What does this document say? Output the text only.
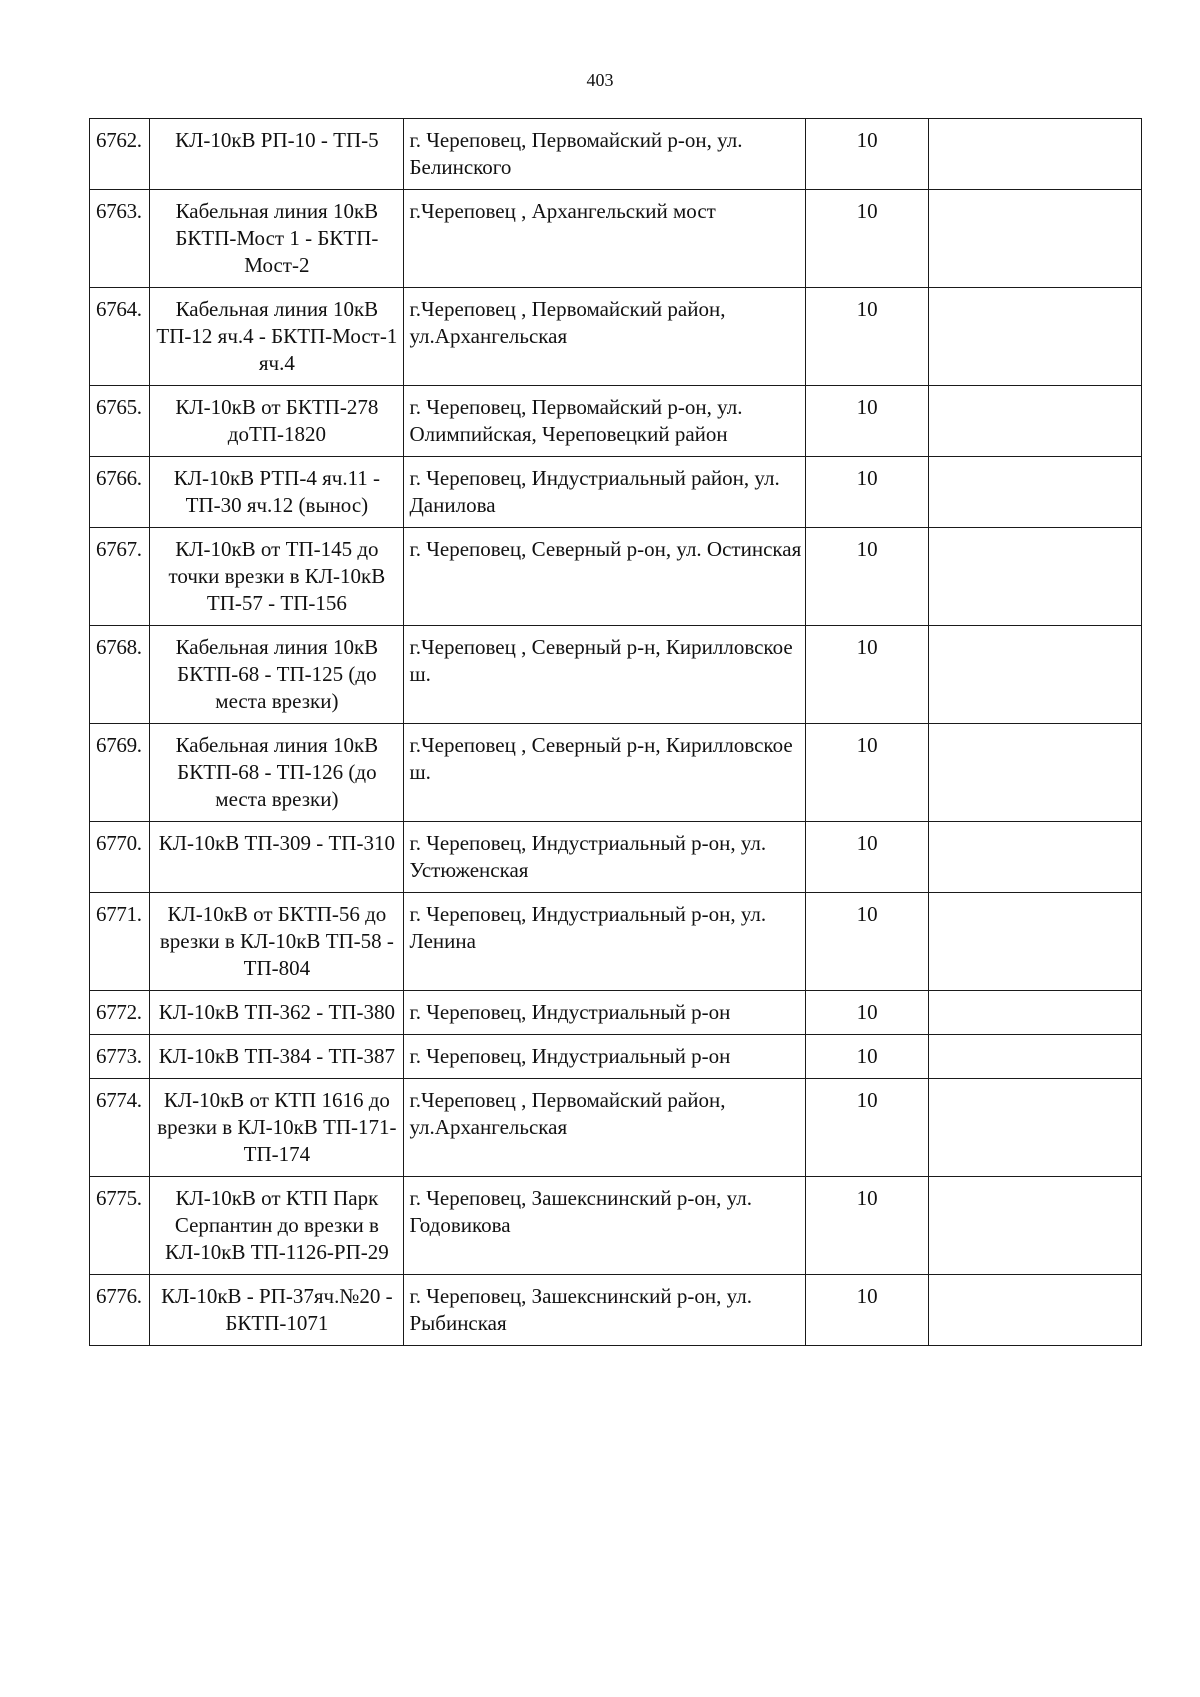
403
6762.	КЛ-10кВ РП-10 - ТП-5	г. Череповец, Первомайский р-он, ул. Белинского	10	
6763.	Кабельная линия 10кВ БКТП-Мост 1 - БКТП-Мост-2	г.Череповец , Архангельский мост	10	
6764.	Кабельная линия 10кВ ТП-12 яч.4 - БКТП-Мост-1 яч.4	г.Череповец , Первомайский район, ул.Архангельская	10	
6765.	КЛ-10кВ от БКТП-278 доТП-1820	г. Череповец, Первомайский р-он, ул. Олимпийская, Череповецкий район	10	
6766.	КЛ-10кВ РТП-4 яч.11 - ТП-30 яч.12 (вынос)	г. Череповец, Индустриальный район, ул. Данилова	10	
6767.	КЛ-10кВ от ТП-145 до точки врезки в КЛ-10кВ ТП-57 - ТП-156	г. Череповец, Северный р-он, ул. Остинская	10	
6768.	Кабельная линия 10кВ БКТП-68 - ТП-125 (до места врезки)	г.Череповец , Северный р-н, Кирилловское ш.	10	
6769.	Кабельная линия 10кВ БКТП-68 - ТП-126 (до места врезки)	г.Череповец , Северный р-н, Кирилловское ш.	10	
6770.	КЛ-10кВ ТП-309 - ТП-310	г. Череповец, Индустриальный р-он, ул. Устюженская	10	
6771.	КЛ-10кВ от БКТП-56 до врезки в КЛ-10кВ ТП-58 - ТП-804	г. Череповец, Индустриальный р-он, ул. Ленина	10	
6772.	КЛ-10кВ ТП-362 - ТП-380	г. Череповец, Индустриальный р-он	10	
6773.	КЛ-10кВ ТП-384 - ТП-387	г. Череповец, Индустриальный р-он	10	
6774.	КЛ-10кВ от КТП 1616 до врезки в КЛ-10кВ ТП-171-ТП-174	г.Череповец , Первомайский район, ул.Архангельская	10	
6775.	КЛ-10кВ от КТП Парк Серпантин до врезки в КЛ-10кВ ТП-1126-РП-29	г. Череповец, Зашекснинский р-он, ул. Годовикова	10	
6776.	КЛ-10кВ - РП-37яч.№20 - БКТП-1071	г. Череповец, Зашекснинский р-он, ул. Рыбинская	10	
